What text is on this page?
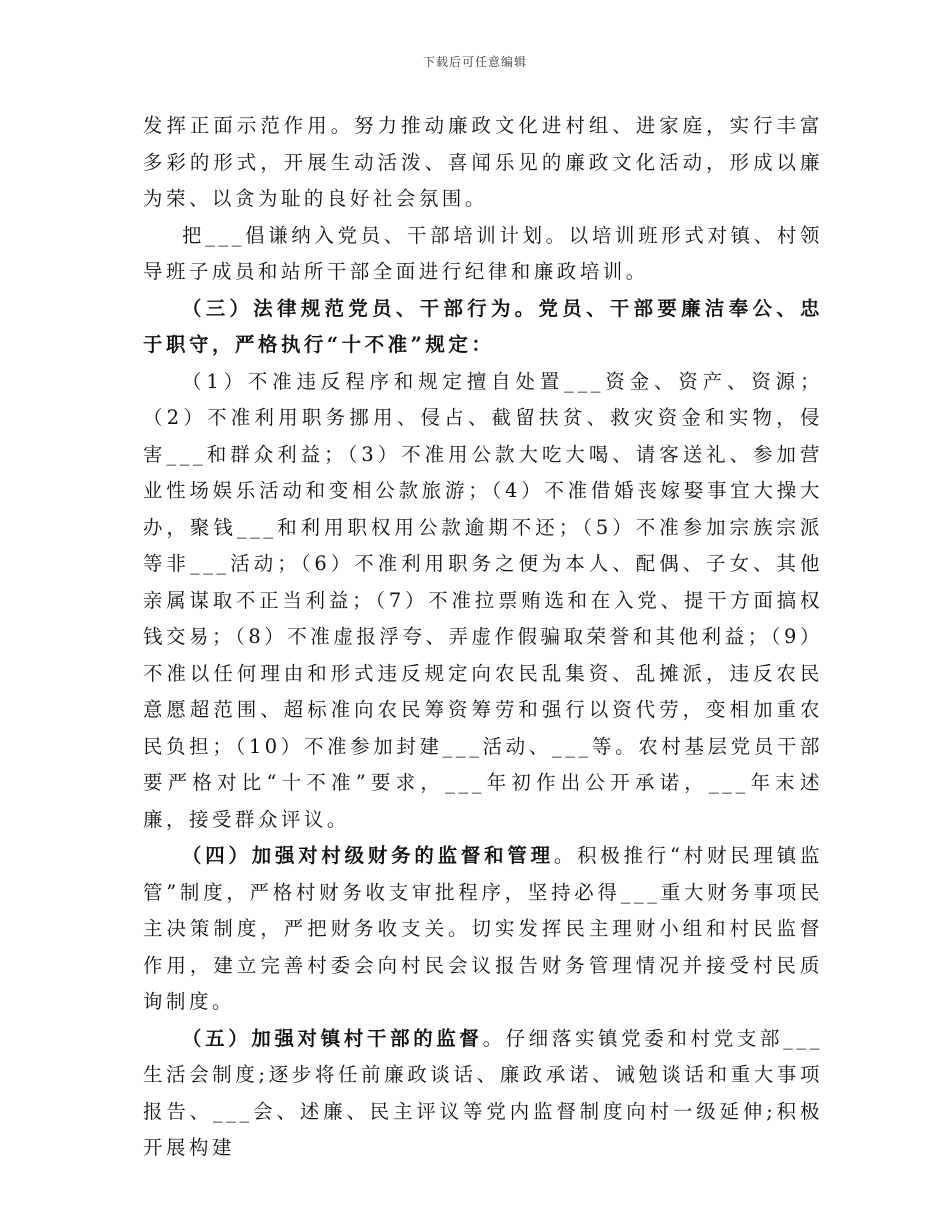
下载后可任意编辑

发挥正面示范作用。努力推动廉政文化进村组、进家庭，实行丰富多彩的形式，开展生动活泼、喜闻乐见的廉政文化活动，形成以廉为荣、以贪为耻的良好社会氛围。

把___倡谦纳入党员、干部培训计划。以培训班形式对镇、村领导班子成员和站所干部全面进行纪律和廉政培训。

（三）法律规范党员、干部行为。党员、干部要廉洁奉公、忠于职守，严格执行“十不准”规定：

（1）不准违反程序和规定擅自处置___资金、资产、资源；（2）不准利用职务挪用、侵占、截留扶贫、救灾资金和实物，侵害___和群众利益；（3）不准用公款大吃大喝、请客送礼、参加营业性场娱乐活动和变相公款旅游；（4）不准借婚丧嫁娶事宜大操大办，聚钱___和利用职权用公款逾期不还；（5）不准参加宗族宗派等非___活动；（6）不准利用职务之便为本人、配偶、子女、其他亲属谋取不正当利益；（7）不准拉票贿选和在入党、提干方面搞权钱交易；（8）不准虚报浮夸、弄虚作假骗取荣誉和其他利益；（9）不准以任何理由和形式违反规定向农民乱集资、乱摊派，违反农民意愿超范围、超标准向农民筹资筹劳和强行以资代劳，变相加重农民负担；（10）不准参加封建___活动、___等。农村基层党员干部要严格对比“十不准”要求，___年初作出公开承诺，___年末述廉，接受群众评议。

（四）加强对村级财务的监督和管理。积极推行“村财民理镇监管”制度，严格村财务收支审批程序，坚持必得___重大财务事项民主决策制度，严把财务收支关。切实发挥民主理财小组和村民监督作用，建立完善村委会向村民会议报告财务管理情况并接受村民质询制度。

（五）加强对镇村干部的监督。仔细落实镇党委和村党支部___生活会制度;逐步将任前廉政谈话、廉政承诺、诫勉谈话和重大事项报告、___会、述廉、民主评议等党内监督制度向村一级延伸;积极开展构建
